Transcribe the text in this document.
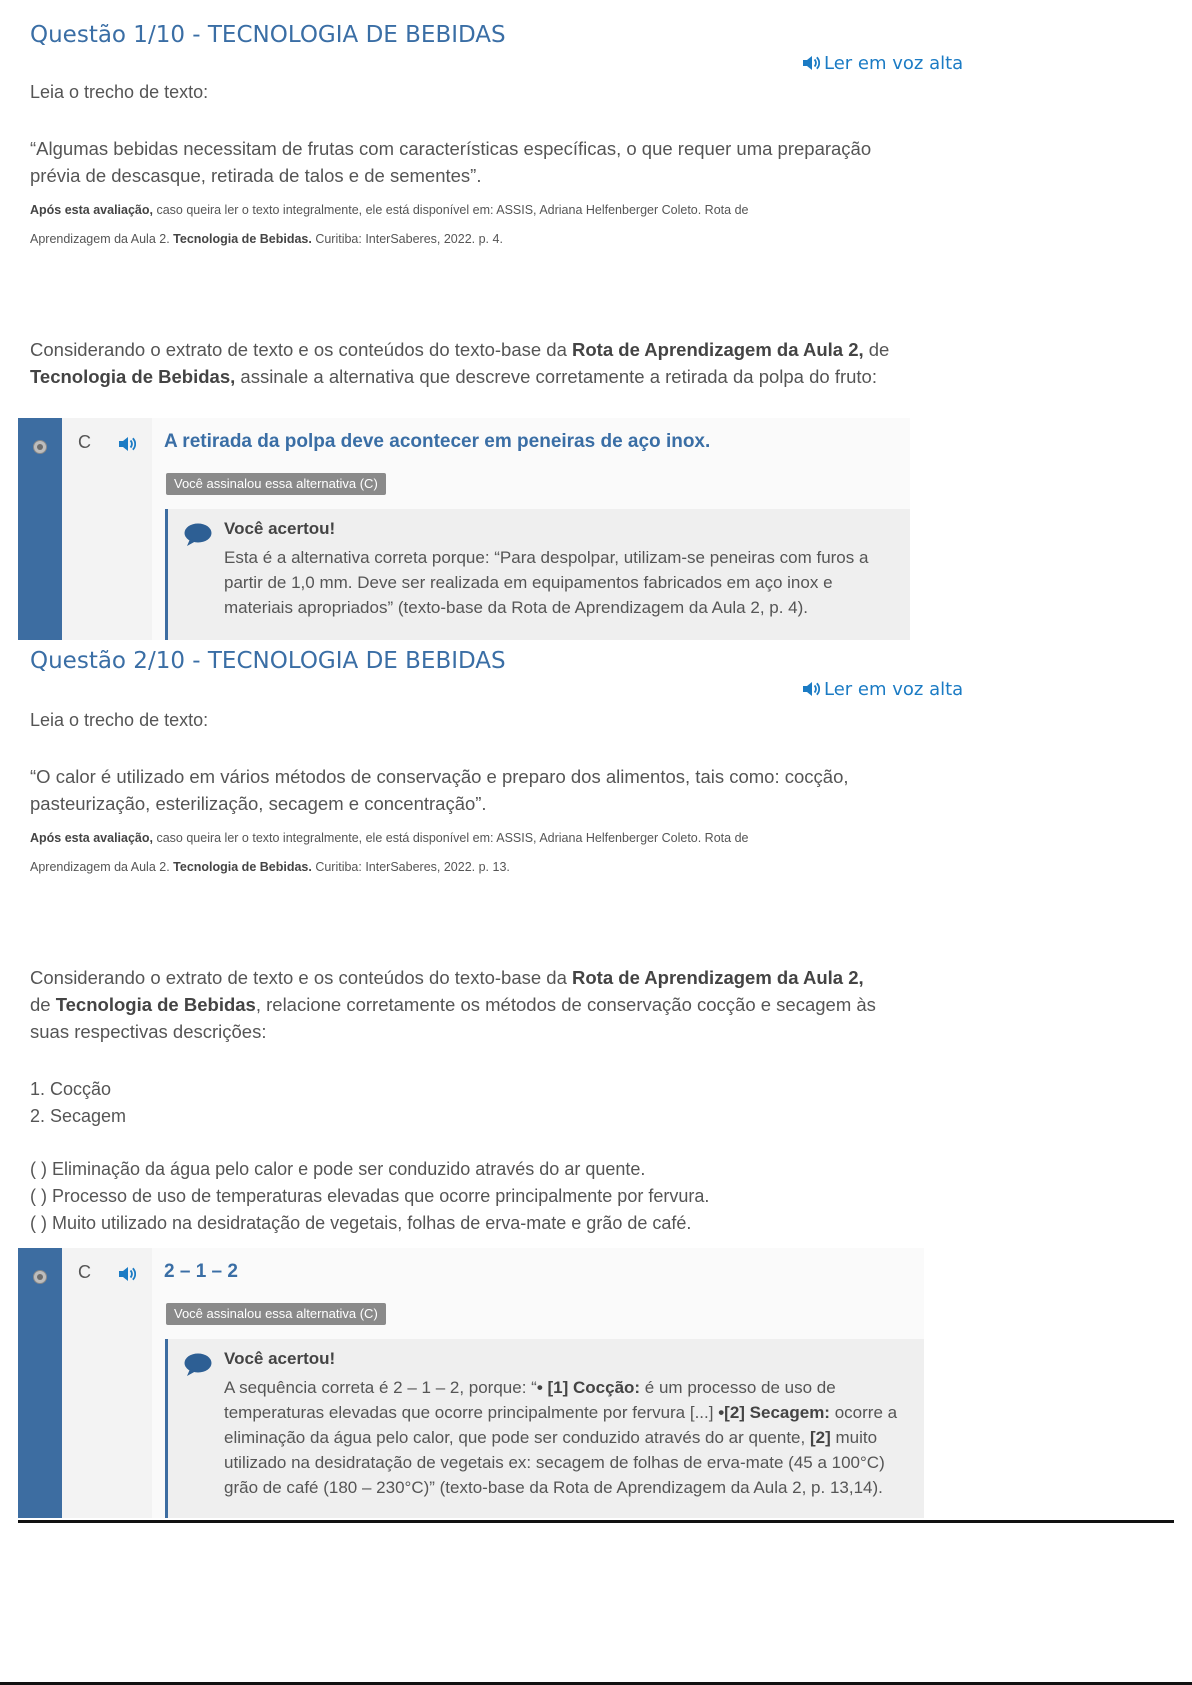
Questão 1/10 - TECNOLOGIA DE BEBIDAS
Ler em voz alta
Leia o trecho de texto:
“Algumas bebidas necessitam de frutas com características específicas, o que requer uma preparação
prévia de descasque, retirada de talos e de sementes”.
Após esta avaliação, caso queira ler o texto integralmente, ele está disponível em: ASSIS, Adriana Helfenberger Coleto. Rota de
Aprendizagem da Aula 2. Tecnologia de Bebidas. Curitiba: InterSaberes, 2022. p. 4.
Considerando o extrato de texto e os conteúdos do texto-base da Rota de Aprendizagem da Aula 2, de
Tecnologia de Bebidas, assinale a alternativa que descreve corretamente a retirada da polpa do fruto:
C	A retirada da polpa deve acontecer em peneiras de aço inox.
Você assinalou essa alternativa (C)
Você acertou!
Esta é a alternativa correta porque: “Para despolpar, utilizam-se peneiras com furos a
partir de 1,0 mm. Deve ser realizada em equipamentos fabricados em aço inox e
materiais apropriados” (texto-base da Rota de Aprendizagem da Aula 2, p. 4).
Questão 2/10 - TECNOLOGIA DE BEBIDAS
Ler em voz alta
Leia o trecho de texto:
“O calor é utilizado em vários métodos de conservação e preparo dos alimentos, tais como: cocção,
pasteurização, esterilização, secagem e concentração”.
Após esta avaliação, caso queira ler o texto integralmente, ele está disponível em: ASSIS, Adriana Helfenberger Coleto. Rota de
Aprendizagem da Aula 2. Tecnologia de Bebidas. Curitiba: InterSaberes, 2022. p. 13.
Considerando o extrato de texto e os conteúdos do texto-base da Rota de Aprendizagem da Aula 2,
de Tecnologia de Bebidas, relacione corretamente os métodos de conservação cocção e secagem às
suas respectivas descrições:
1. Cocção
2. Secagem
( ) Eliminação da água pelo calor e pode ser conduzido através do ar quente.
( ) Processo de uso de temperaturas elevadas que ocorre principalmente por fervura.
( ) Muito utilizado na desidratação de vegetais, folhas de erva-mate e grão de café.
C	2 – 1 – 2
Você assinalou essa alternativa (C)
Você acertou!
A sequência correta é 2 – 1 – 2, porque: “• [1] Cocção: é um processo de uso de
temperaturas elevadas que ocorre principalmente por fervura [...] •[2] Secagem: ocorre a
eliminação da água pelo calor, que pode ser conduzido através do ar quente, [2] muito
utilizado na desidratação de vegetais ex: secagem de folhas de erva-mate (45 a 100°C)
grão de café (180 – 230°C)” (texto-base da Rota de Aprendizagem da Aula 2, p. 13,14).
